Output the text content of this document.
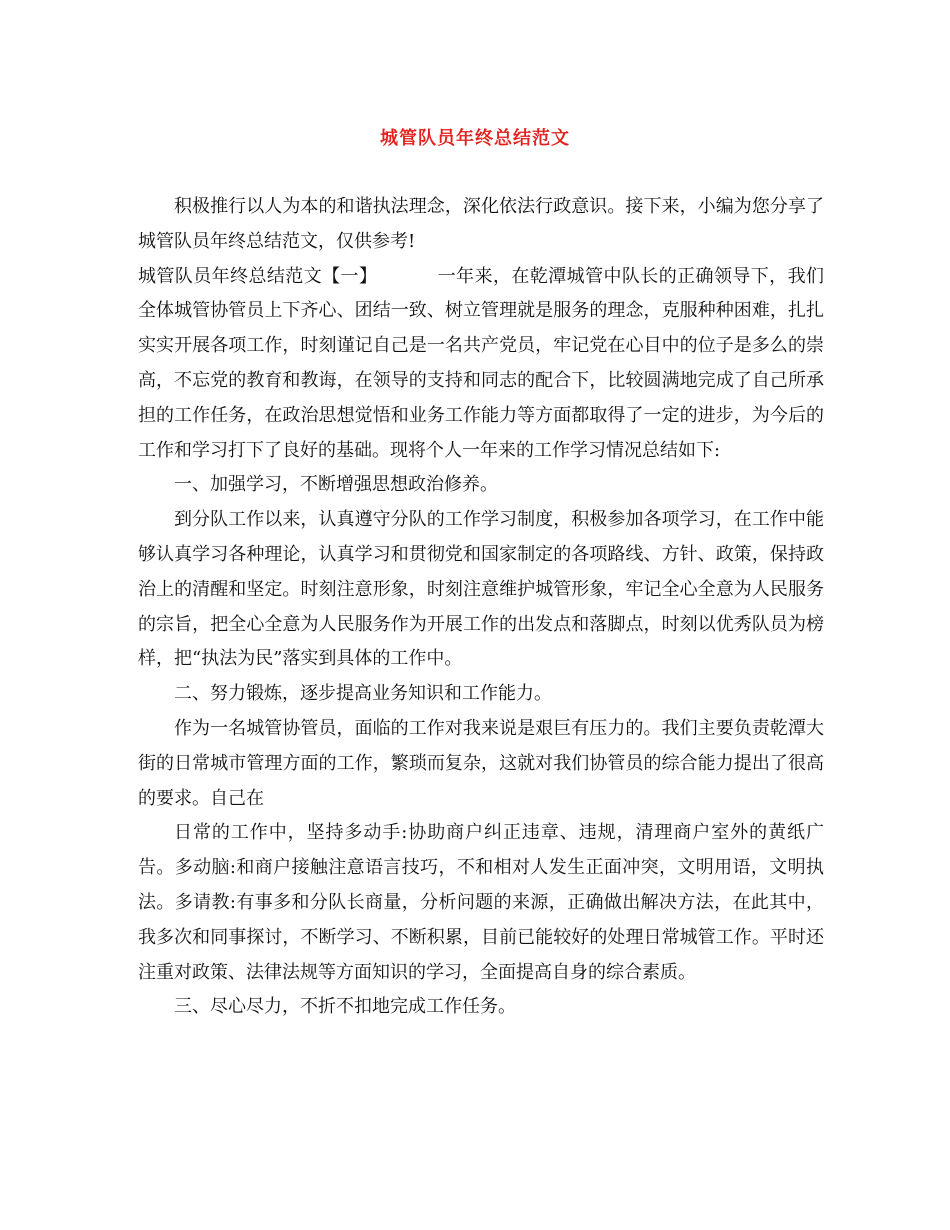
城管队员年终总结范文

积极推行以人为本的和谐执法理念，深化依法行政意识。接下来，小编为您分享了城管队员年终总结范文，仅供参考!

城管队员年终总结范文【一】	一年来，在乾潭城管中队长的正确领导下，我们全体城管协管员上下齐心、团结一致、树立管理就是服务的理念，克服种种困难，扎扎实实开展各项工作，时刻谨记自己是一名共产党员，牢记党在心目中的位子是多么的崇高，不忘党的教育和教诲，在领导的支持和同志的配合下，比较圆满地完成了自己所承担的工作任务，在政治思想觉悟和业务工作能力等方面都取得了一定的进步，为今后的工作和学习打下了良好的基础。现将个人一年来的工作学习情况总结如下:

一、加强学习，不断增强思想政治修养。

到分队工作以来，认真遵守分队的工作学习制度，积极参加各项学习，在工作中能够认真学习各种理论，认真学习和贯彻党和国家制定的各项路线、方针、政策，保持政治上的清醒和坚定。时刻注意形象，时刻注意维护城管形象，牢记全心全意为人民服务的宗旨，把全心全意为人民服务作为开展工作的出发点和落脚点，时刻以优秀队员为榜样，把“执法为民”落实到具体的工作中。

二、努力锻炼，逐步提高业务知识和工作能力。

作为一名城管协管员，面临的工作对我来说是艰巨有压力的。我们主要负责乾潭大街的日常城市管理方面的工作，繁琐而复杂，这就对我们协管员的综合能力提出了很高的要求。自己在

日常的工作中，坚持多动手:协助商户纠正违章、违规，清理商户室外的黄纸广告。多动脑:和商户接触注意语言技巧，不和相对人发生正面冲突，文明用语，文明执法。多请教:有事多和分队长商量，分析问题的来源，正确做出解决方法，在此其中，我多次和同事探讨，不断学习、不断积累，目前已能较好的处理日常城管工作。平时还注重对政策、法律法规等方面知识的学习，全面提高自身的综合素质。

三、尽心尽力，不折不扣地完成工作任务。
